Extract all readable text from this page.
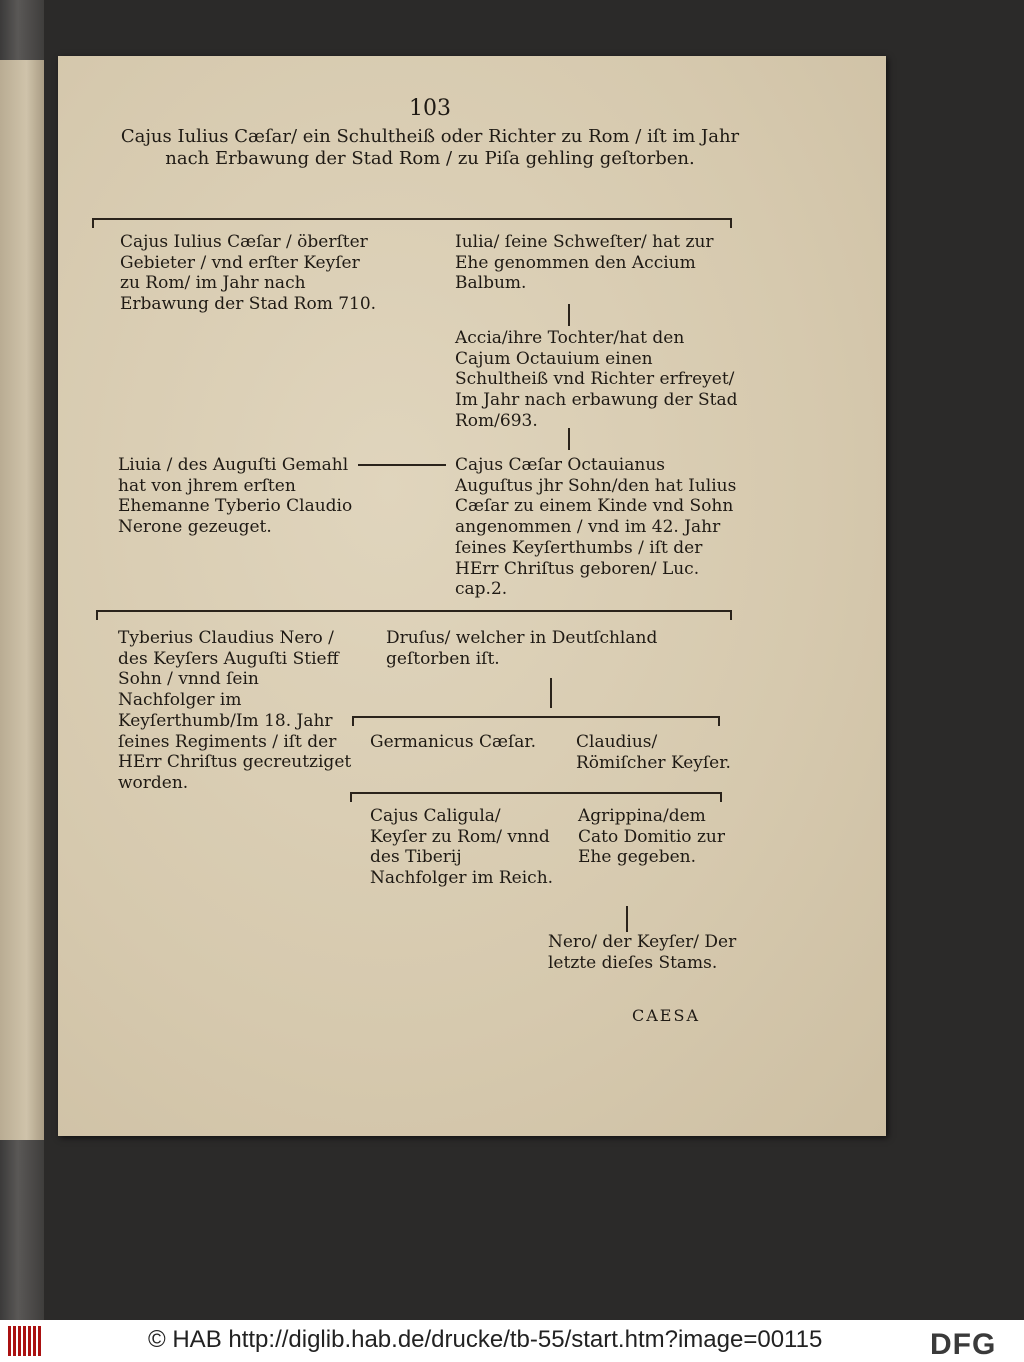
103
Cajus Iulius Cæſar/ ein Schultheiß oder Richter zu Rom / iſt im Jahr nach Erbawung der Stad Rom / zu Piſa gehling geſtorben.
Cajus Iulius Cæſar / öberſter Gebieter / vnd erſter Keyſer zu Rom/ im Jahr nach Erbawung der Stad Rom 710.
Iulia/ ſeine Schweſter/ hat zur Ehe genommen den Accium Balbum.
Accia/ihre Tochter/hat den Cajum Octauium einen Schultheiß vnd Richter erfreyet/ Im Jahr nach erbawung der Stad Rom/693.
Liuia / des Auguſti Gemahl hat von jhrem erſten Ehemanne Tyberio Claudio Nerone gezeuget.
Cajus Cæſar Octauianus Auguſtus jhr Sohn/den hat Iulius Cæſar zu einem Kinde vnd Sohn angenommen / vnd im 42. Jahr ſeines Keyſerthumbs / iſt der HErr Chriſtus geboren/ Luc. cap.2.
Tyberius Claudius Nero / des Keyſers Auguſti Stieff Sohn / vnnd ſein Nachfolger im Keyſerthumb/Im 18. Jahr ſeines Regiments / iſt der HErr Chriſtus gecreutziget worden.
Druſus/ welcher in Deutſchland geſtorben iſt.
Germanicus Cæſar. Claudius/ Römiſcher Keyſer.
Cajus Caligula/ Keyſer zu Rom/ vnnd des Tiberij Nachfolger im Reich.
Agrippina/dem Cato Domitio zur Ehe gegeben.
Nero/ der Keyſer/ Der letzte dieſes Stams.
CAESA
© HAB http://diglib.hab.de/drucke/tb-55/start.htm?image=00115	DFG
